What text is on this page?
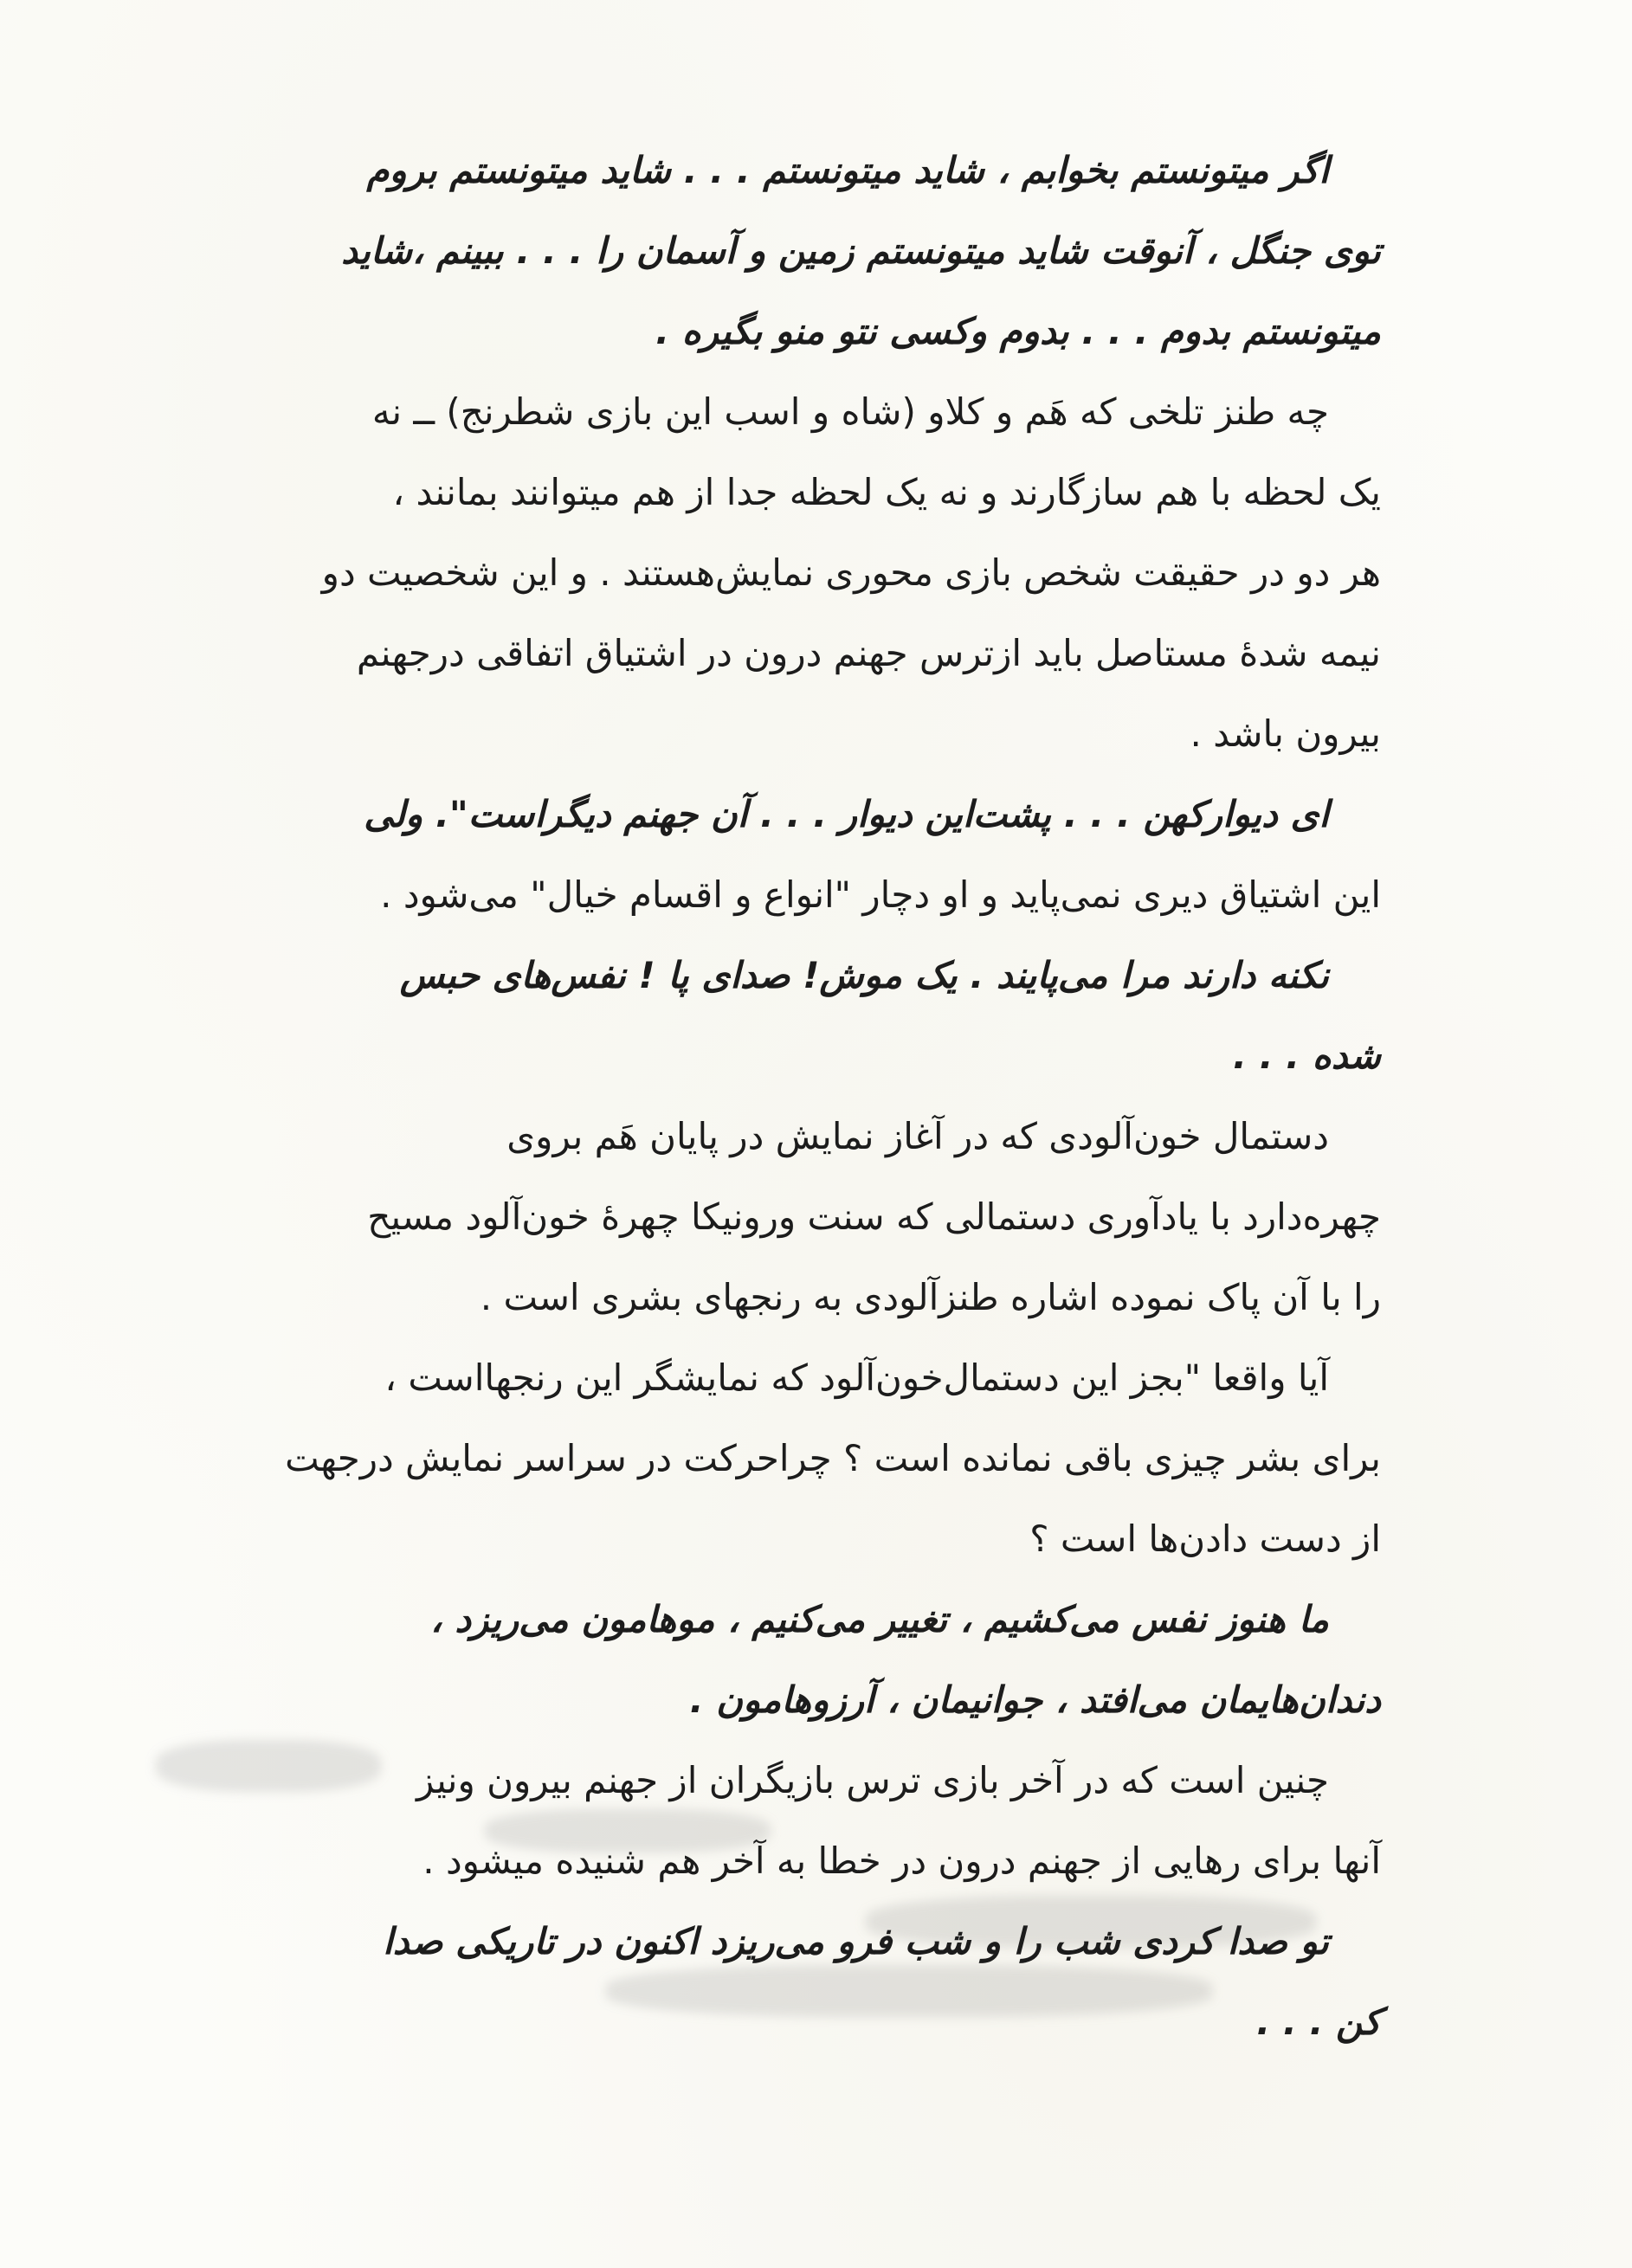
اگر میتونستم بخوابم ، شاید میتونستم . . . شاید میتونستم بروم
توی جنگل ، آنوقت شاید میتونستم زمین و آسمان را . . . ببینم ،شاید
میتونستم بدوم . . . بدوم وکسی نتو منو بگیره .
چه طنز تلخی که هَم و کلاو (شاه و اسب این بازی شطرنج) ــ نه
یک لحظه با هم سازگارند و نه یک لحظه جدا از هم میتوانند بمانند ،
هر دو در حقیقت شخص بازی محوری نمایش‌هستند . و این شخصیت دو
نیمه شدهٔ مستاصل باید ازترس جهنم درون در اشتیاق اتفاقی درجهنم
بیرون باشد .
ای دیوارکهن . . . پشت‌این دیوار . . . آن جهنم دیگراست‌". ولی
این اشتیاق دیری نمی‌پاید و او دچار "انواع و اقسام خیال" می‌شود .
نکنه دارند مرا می‌پایند . یک موش! صدای پا ! نفس‌های حبس
شده . . .
دستمال خون‌آلودی که در آغاز نمایش در پایان هَم بروی
چهره‌دارد با یادآوری دستمالی که سنت ورونیکا چهرهٔ خون‌آلود مسیح
را با آن پاک نموده اشاره طنزآلودی به رنجهای بشری است .
آیا واقعا "بجز این دستمال‌خون‌آلود که نمایشگر این رنجهااست ،
برای بشر چیزی باقی نمانده است ؟ چراحرکت در سراسر نمایش درجهت
از دست دادن‌ها است ؟
ما هنوز نفس می‌کشیم ، تغییر می‌کنیم ، موهامون می‌ریزد ،
دندان‌هایمان می‌افتد ، جوانیمان ، آرزوهامون .
چنین است که در آخر بازی ترس بازیگران از جهنم بیرون ونیز
آنها برای رهایی از جهنم درون در خطا به آخر هم شنیده میشود .
تو صدا کردی شب را و شب فرو می‌ریزد اکنون در تاریکی صدا
کن . . .
